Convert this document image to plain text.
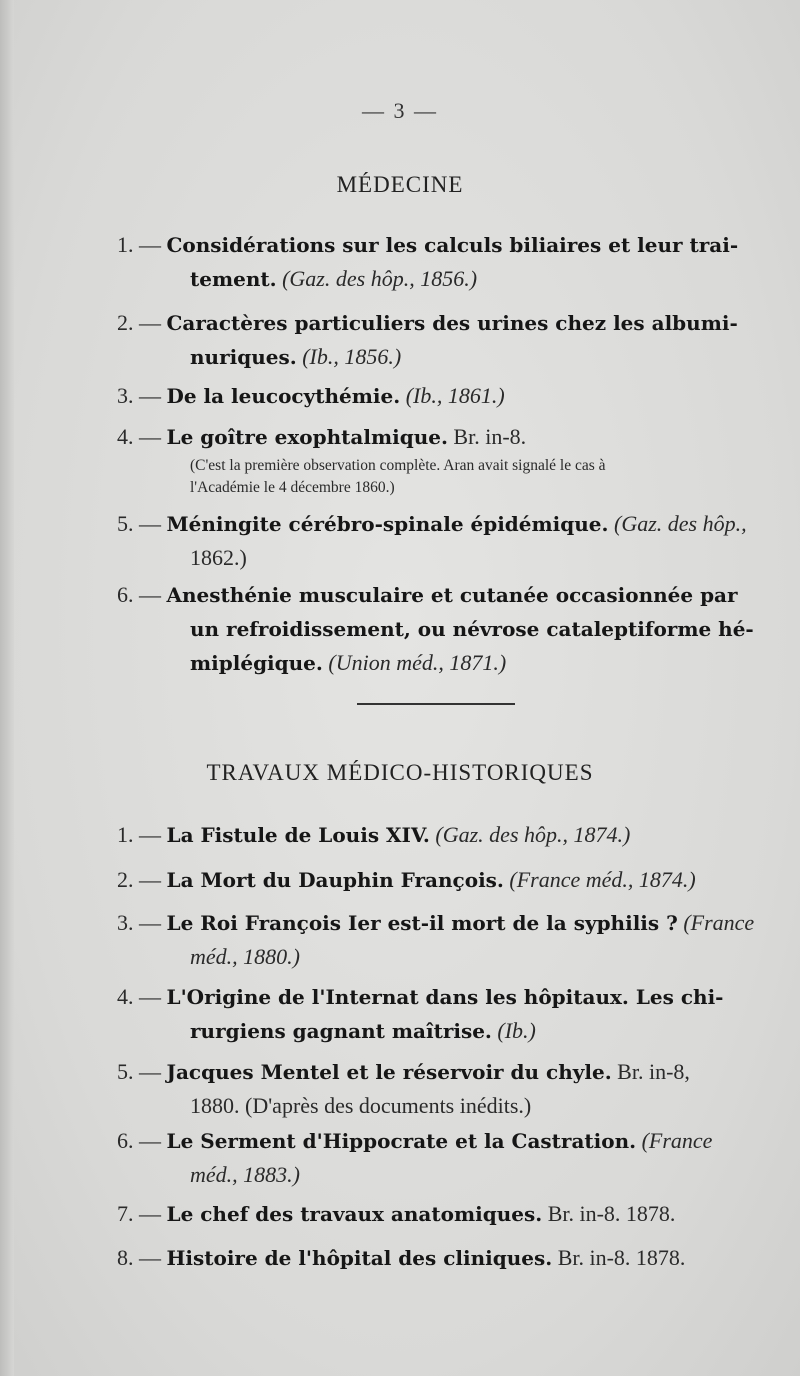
— 3 —
MÉDECINE
1. — Considérations sur les calculs biliaires et leur trai-
tement. (Gaz. des hôp., 1856.)
2. — Caractères particuliers des urines chez les albumi-
nuriques. (Ib., 1856.)
3. — De la leucocythémie. (Ib., 1861.)
4. — Le goître exophtalmique. Br. in-8.
(C'est la première observation complète. Aran avait signalé le cas à
l'Académie le 4 décembre 1860.)
5. — Méningite cérébro-spinale épidémique. (Gaz. des hôp.,
1862.)
6. — Anesthénie musculaire et cutanée occasionnée par
un refroidissement, ou névrose cataleptiforme hé-
miplégique. (Union méd., 1871.)
TRAVAUX MÉDICO-HISTORIQUES
1. — La Fistule de Louis XIV. (Gaz. des hôp., 1874.)
2. — La Mort du Dauphin François. (France méd., 1874.)
3. — Le Roi François Ier est-il mort de la syphilis ? (France
méd., 1880.)
4. — L'Origine de l'Internat dans les hôpitaux. Les chi-
rurgiens gagnant maîtrise. (Ib.)
5. — Jacques Mentel et le réservoir du chyle. Br. in-8,
1880. (D'après des documents inédits.)
6. — Le Serment d'Hippocrate et la Castration. (France
méd., 1883.)
7. — Le chef des travaux anatomiques. Br. in-8. 1878.
8. — Histoire de l'hôpital des cliniques. Br. in-8. 1878.
